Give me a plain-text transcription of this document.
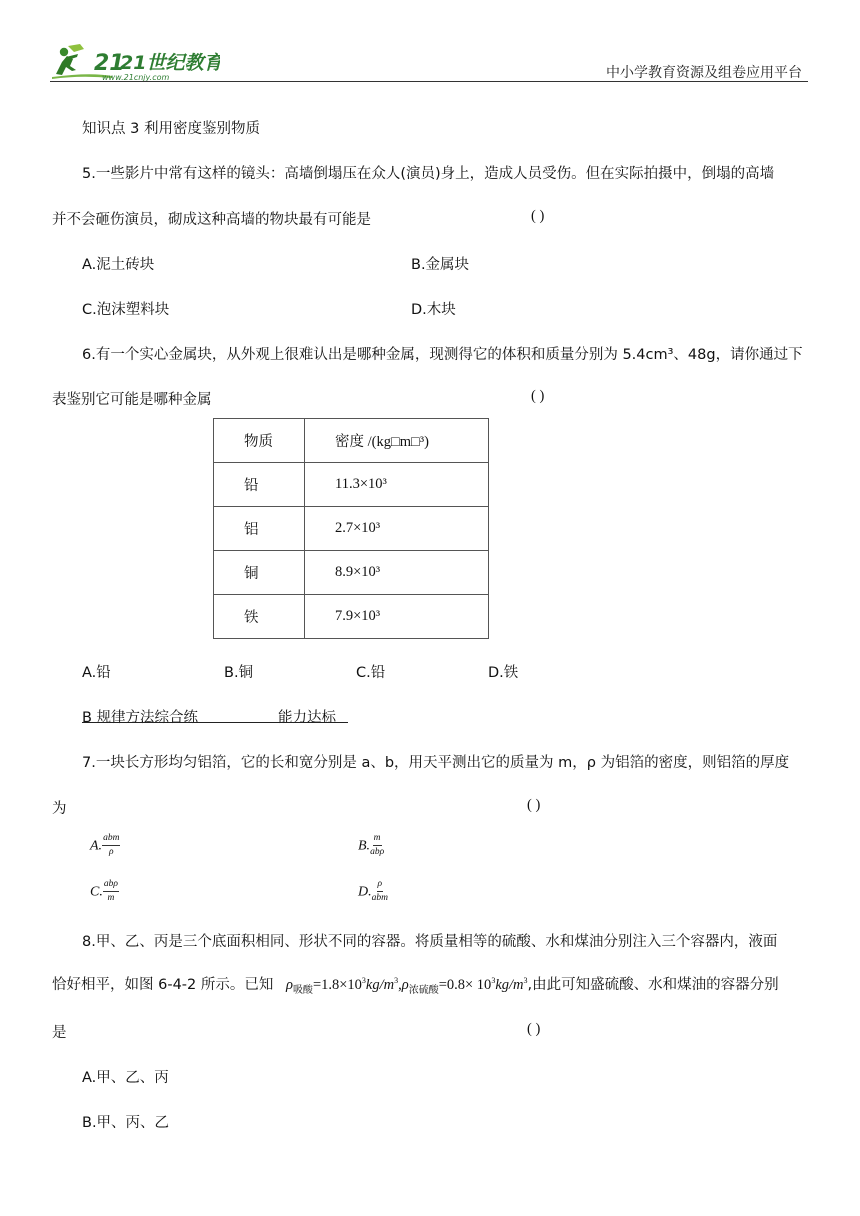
21
21世纪教育
www.21cnjy.com	中小学教育资源及组卷应用平台
知识点 3 利用密度鉴别物质
5.一些影片中常有这样的镜头：高墙倒塌压在众人(演员)身上，造成人员受伤。但在实际拍摄中，倒塌的高墙
并不会砸伤演员，砌成这种高墙的物块最有可能是	( )
A.泥土砖块	B.金属块
C.泡沫塑料块	D.木块
6.有一个实心金属块，从外观上很难认出是哪种金属，现测得它的体积和质量分别为 5.4cm³、48g，请你通过下
表鉴别它可能是哪种金属	( )
物质	密度 /(kg□m□³)
铅	11.3×10³
铝	2.7×10³
铜	8.9×10³
铁	7.9×10³
A.铅	B.铜	C.铅	D.铁
B 规律方法综合练	能力达标
7.一块长方形均匀铝箔，它的长和宽分别是 a、b，用天平测出它的质量为 m，ρ 为铝箔的密度，则铝箔的厚度
为	( )
A. $\frac{\text{abm}}{\rho}$	B. $\frac{m}{\text{abρ}}$
C. $\frac{\text{abρ}}{m}$	D. $\frac{\rho}{\text{abm}}$
8.甲、乙、丙是三个底面积相同、形状不同的容器。将质量相等的硫酸、水和煤油分别注入三个容器内，液面
恰好相平，如图 6-4-2 所示。已知 $\rho_{吸酸}=1.8\times 10^3kg/m^3,\rho_{浓硫酸}=0.8\times 10^3kg/m^3$,由此可知盛硫酸、水和煤油的容器分别
是	( )
A.甲、乙、丙
B.甲、丙、乙
